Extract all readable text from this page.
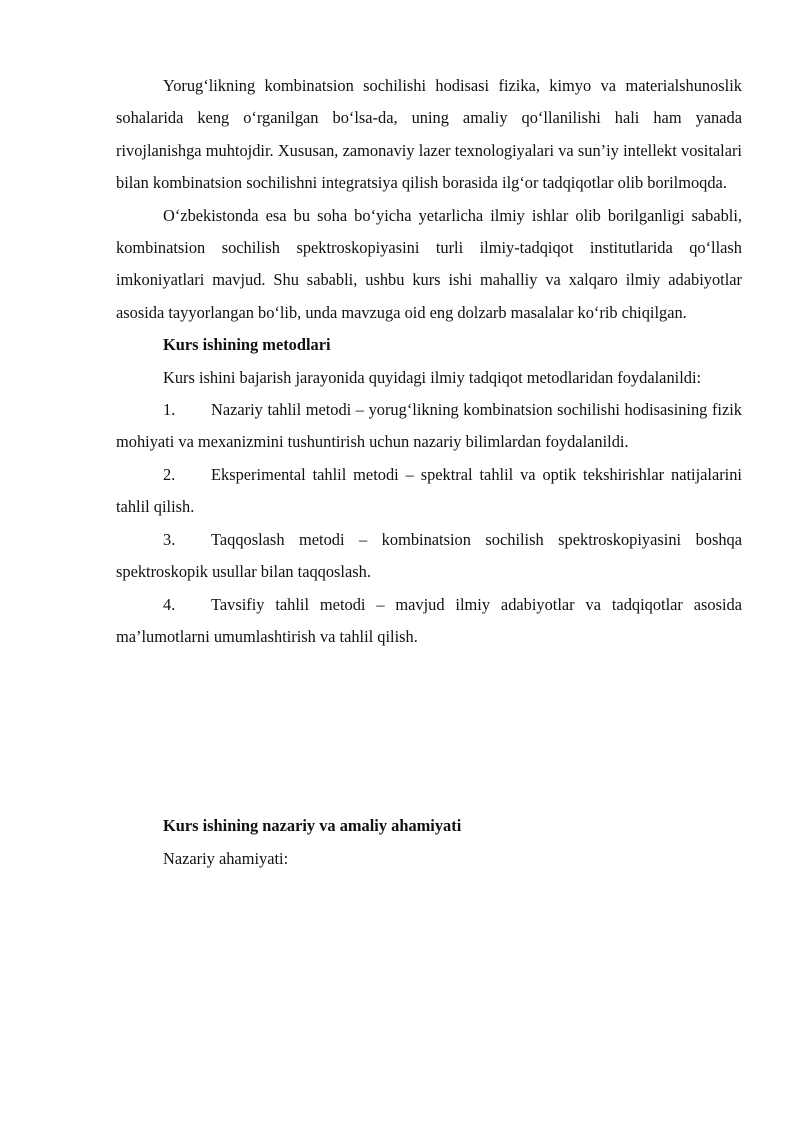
Yorug‘likning kombinatsion sochilishi hodisasi fizika, kimyo va materialshunoslik sohalarida keng o‘rganilgan bo‘lsa-da, uning amaliy qo‘llanilishi hali ham yanada rivojlanishga muhtojdir. Xususan, zamonaviy lazer texnologiyalari va sun’iy intellekt vositalari bilan kombinatsion sochilishni integratsiya qilish borasida ilg‘or tadqiqotlar olib borilmoqda.

O‘zbekistonda esa bu soha bo‘yicha yetarlicha ilmiy ishlar olib borilganligi sababli, kombinatsion sochilish spektroskopiyasini turli ilmiy-tadqiqot institutlarida qo‘llash imkoniyatlari mavjud. Shu sababli, ushbu kurs ishi mahalliy va xalqaro ilmiy adabiyotlar asosida tayyorlangan bo‘lib, unda mavzuga oid eng dolzarb masalalar ko‘rib chiqilgan.

Kurs ishining metodlari

Kurs ishini bajarish jarayonida quyidagi ilmiy tadqiqot metodlaridan foydalanildi:

1. Nazariy tahlil metodi – yorug‘likning kombinatsion sochilishi hodisasining fizik mohiyati va mexanizmini tushuntirish uchun nazariy bilimlardan foydalanildi.

2. Eksperimental tahlil metodi – spektral tahlil va optik tekshirishlar natijalarini tahlil qilish.

3. Taqqoslash metodi – kombinatsion sochilish spektroskopiyasini boshqa spektroskopik usullar bilan taqqoslash.

4. Tavsifiy tahlil metodi – mavjud ilmiy adabiyotlar va tadqiqotlar asosida ma’lumotlarni umumlashtirish va tahlil qilish.

Kurs ishining nazariy va amaliy ahamiyati

Nazariy ahamiyati:
